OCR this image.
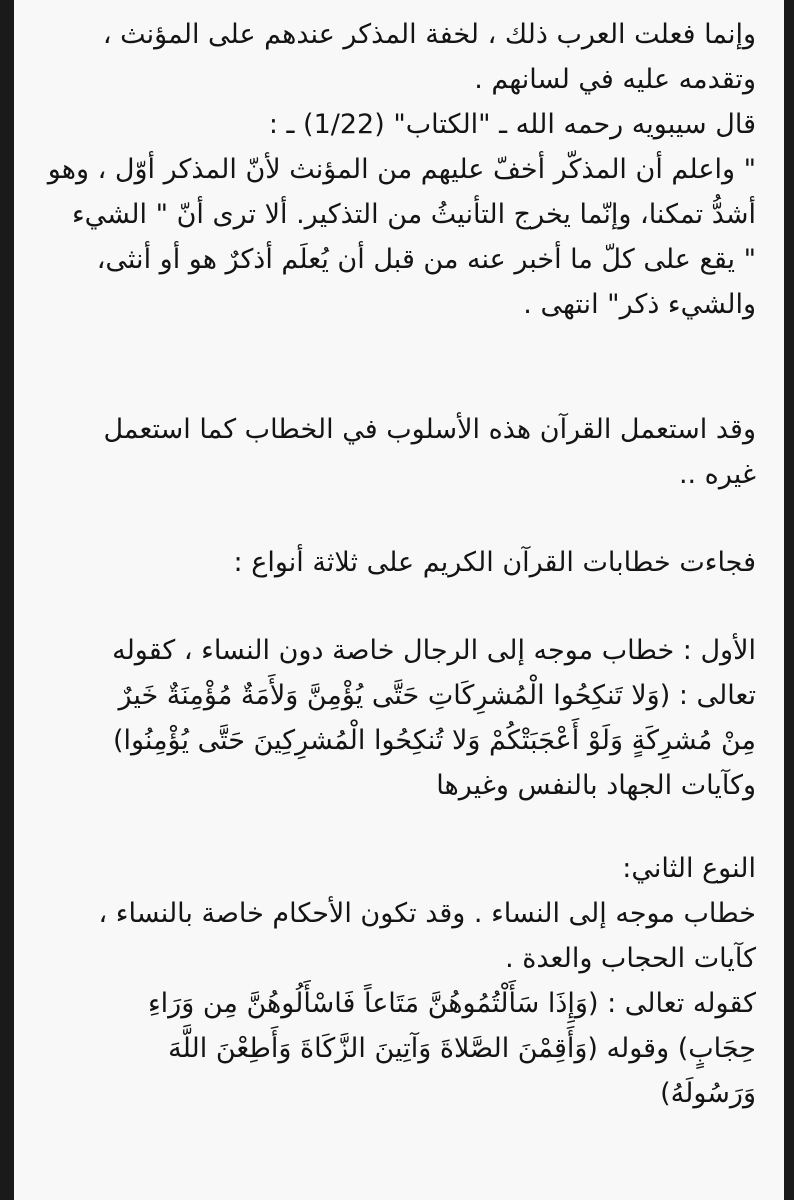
وإنما فعلت العرب ذلك ، لخفة المذكر عندهم على المؤنث ،
وتقدمه عليه في لسانهم .

قال سيبويه رحمه الله ـ "الكتاب" (1/22) ـ :
" واعلم أن المذكّر أخفّ عليهم من المؤنث لأنّ المذكر أوّل ، وهو
أشدُّ تمكنا، وإنّما يخرج التأنيثُ من التذكير. ألا ترى أنّ " الشيء
" يقع على كلّ ما أخبر عنه من قبل أن يُعلَم أذكرٌ هو أو أنثى،
والشيء ذكر" انتهى .

وقد استعمل القرآن هذه الأسلوب في الخطاب كما استعمل
غيره ..

فجاءت خطابات القرآن الكريم على ثلاثة أنواع :

الأول : خطاب موجه إلى الرجال خاصة دون النساء ، كقوله
تعالى : (وَلا تَنكِحُوا الْمُشرِكَاتِ حَتَّى يُؤْمِنَّ وَلأَمَةٌ مُؤْمِنَةٌ خَيرٌ
مِنْ مُشرِكَةٍ وَلَوْ أَعْجَبَتْكُمْ وَلا تُنكِحُوا الْمُشرِكِينَ حَتَّى يُؤْمِنُوا)
وكآيات الجهاد بالنفس وغيرها

النوع الثاني:
خطاب موجه إلى النساء . وقد تكون الأحكام خاصة بالنساء ،
كآيات الحجاب والعدة .
كقوله تعالى : (وَإِذَا سَأَلْتُمُوهُنَّ مَتَاعاً فَاسْأَلُوهُنَّ مِن وَرَاءِ
حِجَابٍ) وقوله (وَأَقِمْنَ الصَّلاةَ وَآتِينَ الزَّكَاةَ وَأَطِعْنَ اللَّهَ
وَرَسُولَهُ)
